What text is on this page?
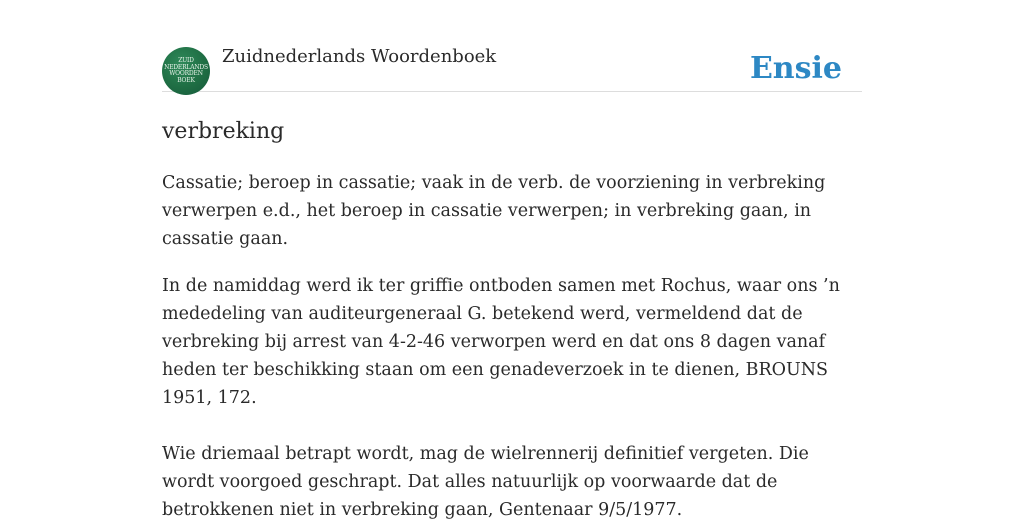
ZUID
NEDERLANDS
WOORDEN
BOEK
Zuidnederlands Woordenboek	Ensie
verbreking

Cassatie; beroep in cassatie; vaak in de verb. de voorziening in verbreking verwerpen e.d., het beroep in cassatie verwerpen; in verbreking gaan, in cassatie gaan.

In de namiddag werd ik ter griffie ontboden samen met Rochus, waar ons ’n mededeling van auditeurgeneraal G. betekend werd, vermeldend dat de verbreking bij arrest van 4-2-46 verworpen werd en dat ons 8 dagen vanaf heden ter beschikking staan om een genadeverzoek in te dienen, BROUNS 1951, 172.

Wie driemaal betrapt wordt, mag de wielrennerij definitief vergeten. Die wordt voorgoed geschrapt. Dat alles natuurlijk op voorwaarde dat de betrokkenen niet in verbreking gaan, Gentenaar 9/5/1977.
